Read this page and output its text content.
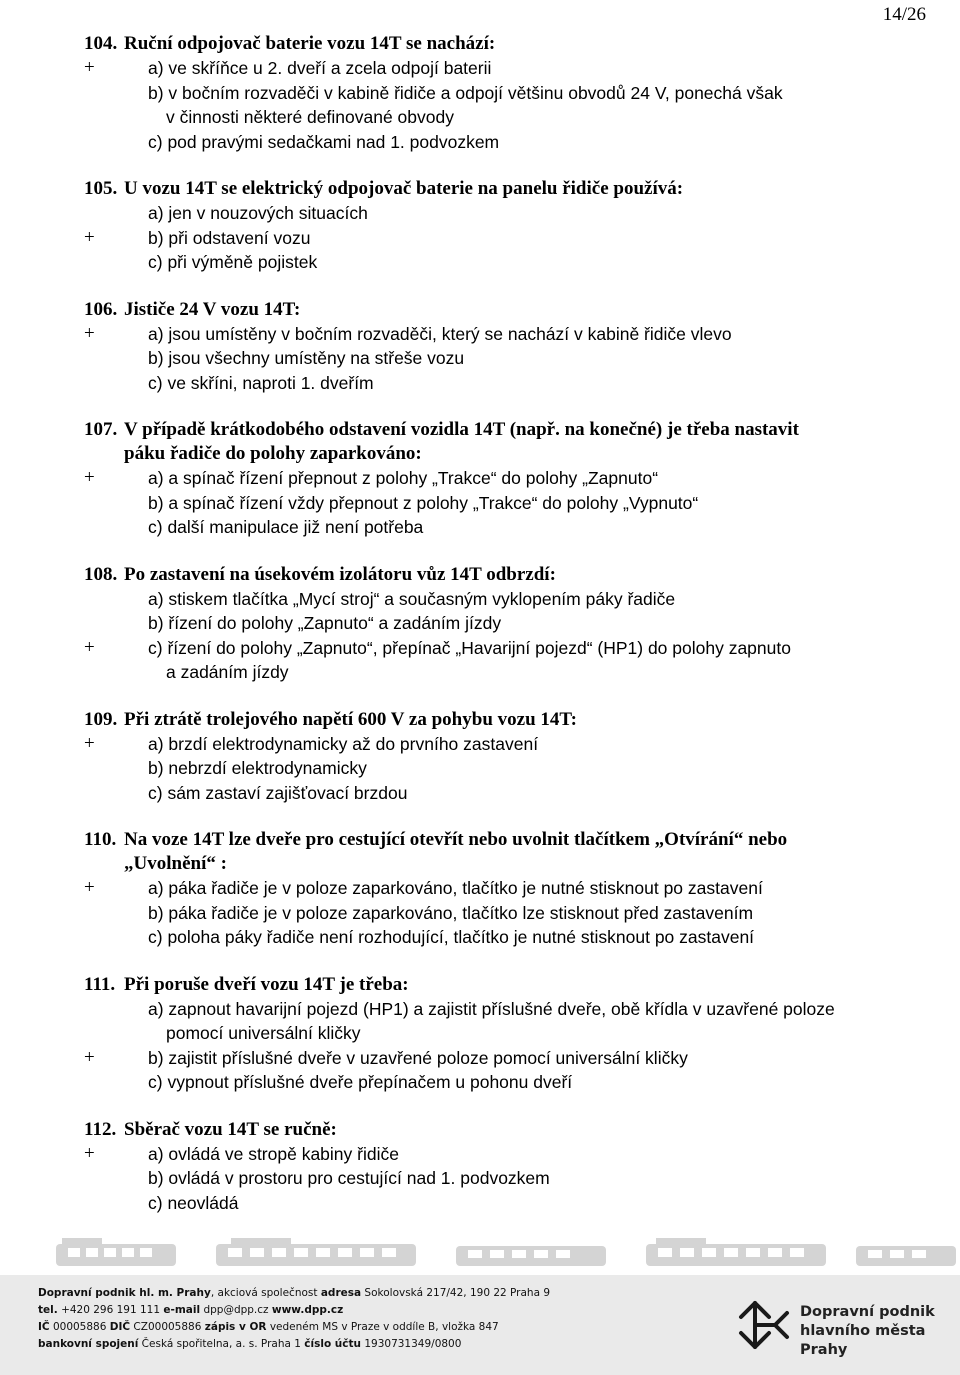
14/26
104. Ruční odpojovač baterie vozu 14T se nachází:
+	a) ve skříňce u 2. dveří a zcela odpojí baterii
b) v bočním rozvaděči v kabině řidiče a odpojí většinu obvodů 24 V, ponechá však
v činnosti některé definované obvody
c) pod pravými sedačkami nad 1. podvozkem
105. U vozu 14T se elektrický odpojovač baterie na panelu řidiče používá:
a) jen v nouzových situacích
+	b) při odstavení vozu
c) při výměně pojistek
106. Jističe 24 V vozu 14T:
+	a) jsou umístěny v bočním rozvaděči, který se nachází v kabině řidiče vlevo
b) jsou všechny umístěny na střeše vozu
c) ve skříni, naproti 1. dveřím
107. V případě krátkodobého odstavení vozidla 14T (např. na konečné) je třeba nastavit
páku řadiče do polohy zaparkováno:
+	a) a spínač řízení přepnout z polohy „Trakce“ do polohy „Zapnuto“
b) a spínač řízení vždy přepnout z polohy „Trakce“ do polohy „Vypnuto“
c) další manipulace již není potřeba
108. Po zastavení na úsekovém izolátoru vůz 14T odbrzdí:
a) stiskem tlačítka „Mycí stroj“ a současným vyklopením páky řadiče
b) řízení do polohy „Zapnuto“ a zadáním jízdy
+	c) řízení do polohy „Zapnuto“, přepínač „Havarijní pojezd“ (HP1) do polohy zapnuto
a zadáním jízdy
109. Při ztrátě trolejového napětí 600 V za pohybu vozu 14T:
+	a) brzdí elektrodynamicky až do prvního zastavení
b) nebrzdí elektrodynamicky
c) sám zastaví zajišťovací brzdou
110. Na voze 14T lze dveře pro cestující otevřít nebo uvolnit tlačítkem „Otvírání“ nebo
„Uvolnění“ :
+	a) páka řadiče je v poloze zaparkováno, tlačítko je nutné stisknout po zastavení
b) páka řadiče je v poloze zaparkováno, tlačítko lze stisknout před zastavením
c) poloha páky řadiče není rozhodující, tlačítko je nutné stisknout po zastavení
111. Při poruše dveří vozu 14T je třeba:
a) zapnout havarijní pojezd (HP1) a zajistit příslušné dveře, obě křídla v uzavřené poloze
pomocí universální kličky
+	b) zajistit příslušné dveře v uzavřené poloze pomocí universální kličky
c) vypnout příslušné dveře přepínačem u pohonu dveří
112. Sběrač vozu 14T se ručně:
+	a) ovládá ve stropě kabiny řidiče
b) ovládá v prostoru pro cestující nad 1. podvozkem
c) neovládá
Dopravní podnik hl. m. Prahy, akciová společnost adresa Sokolovská 217/42, 190 22 Praha 9
tel. +420 296 191 111 e-mail dpp@dpp.cz www.dpp.cz
IČ 00005886 DIČ CZ00005886 zápis v OR vedeném MS v Praze v oddíle B, vložka 847
bankovní spojení Česká spořitelna, a. s. Praha 1 číslo účtu 1930731349/0800
Dopravní podnik
hlavního města Prahy
